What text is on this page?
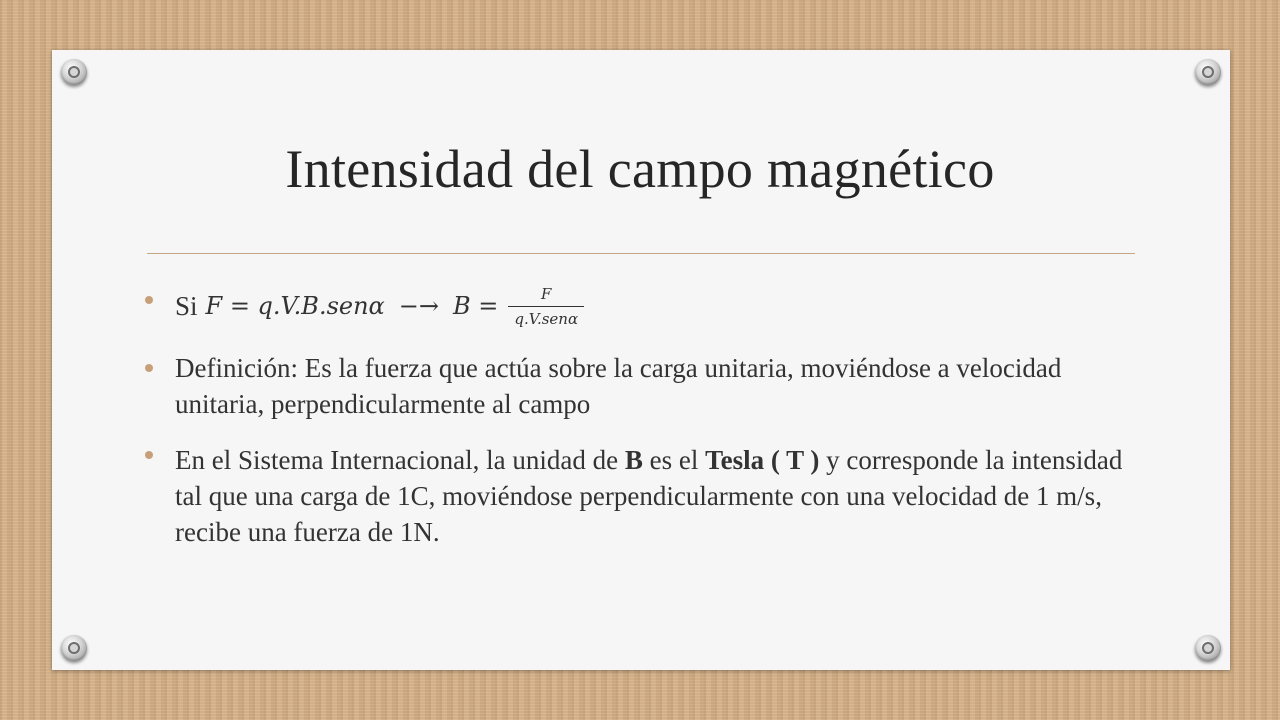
Intensidad del campo magnético
Si $F = q.V.B.sen\alpha -\to B = \frac{F}{\text{q.V.senα}}$
Definición: Es la fuerza que actúa sobre la carga unitaria, moviéndose a velocidad unitaria, perpendicularmente al campo
En el Sistema Internacional, la unidad de B es el Tesla ( T ) y corresponde la intensidad tal que una carga de 1C, moviéndose perpendicularmente con una velocidad de 1 m/s, recibe una fuerza de 1N.
